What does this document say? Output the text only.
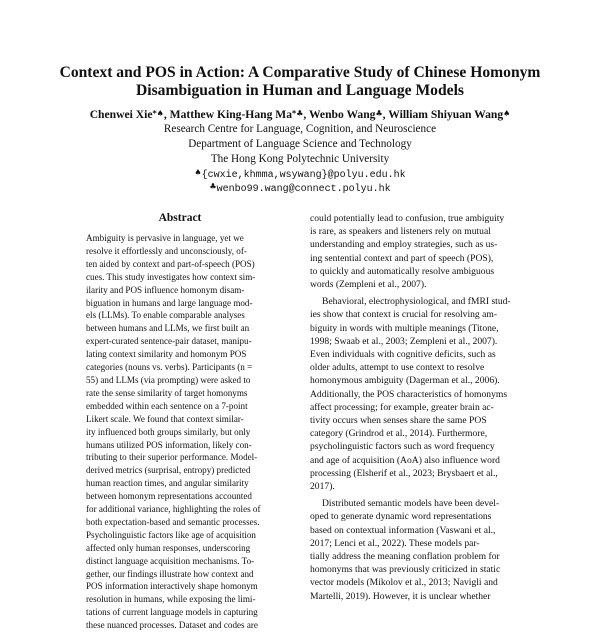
Context and POS in Action: A Comparative Study of Chinese Homonym
Disambiguation in Human and Language Models
Chenwei Xie*♠, Matthew King-Hang Ma*♣, Wenbo Wang♣, William Shiyuan Wang♠
Research Centre for Language, Cognition, and Neuroscience
Department of Language Science and Technology
The Hong Kong Polytechnic University
♠{cwxie,khmma,wsywang}@polyu.edu.hk
♣wenbo99.wang@connect.polyu.hk
Abstract
Ambiguity is pervasive in language, yet we
resolve it effortlessly and unconsciously, of-
ten aided by context and part-of-speech (POS)
cues. This study investigates how context sim-
ilarity and POS influence homonym disam-
biguation in humans and large language mod-
els (LLMs). To enable comparable analyses
between humans and LLMs, we first built an
expert-curated sentence-pair dataset, manipu-
lating context similarity and homonym POS
categories (nouns vs. verbs). Participants (n =
55) and LLMs (via prompting) were asked to
rate the sense similarity of target homonyms
embedded within each sentence on a 7-point
Likert scale. We found that context similar-
ity influenced both groups similarly, but only
humans utilized POS information, likely con-
tributing to their superior performance. Model-
derived metrics (surprisal, entropy) predicted
human reaction times, and angular similarity
between homonym representations accounted
for additional variance, highlighting the roles of
both expectation-based and semantic processes.
Psycholinguistic factors like age of acquisition
affected only human responses, underscoring
distinct language acquisition mechanisms. To-
gether, our findings illustrate how context and
POS information interactively shape homonym
resolution in humans, while exposing the limi-
tations of current language models in capturing
these nuanced processes. Dataset and codes are
could potentially lead to confusion, true ambiguity
is rare, as speakers and listeners rely on mutual
understanding and employ strategies, such as us-
ing sentential context and part of speech (POS),
to quickly and automatically resolve ambiguous
words (Zempleni et al., 2007).
Behavioral, electrophysiological, and fMRI stud-
ies show that context is crucial for resolving am-
biguity in words with multiple meanings (Titone,
1998; Swaab et al., 2003; Zempleni et al., 2007).
Even individuals with cognitive deficits, such as
older adults, attempt to use context to resolve
homonymous ambiguity (Dagerman et al., 2006).
Additionally, the POS characteristics of homonyms
affect processing; for example, greater brain ac-
tivity occurs when senses share the same POS
category (Grindrod et al., 2014). Furthermore,
psycholinguistic factors such as word frequency
and age of acquisition (AoA) also influence word
processing (Elsherif et al., 2023; Brysbaert et al.,
2017).
Distributed semantic models have been devel-
oped to generate dynamic word representations
based on contextual information (Vaswani et al.,
2017; Lenci et al., 2022). These models par-
tially address the meaning conflation problem for
homonyms that was previously criticized in static
vector models (Mikolov et al., 2013; Navigli and
Martelli, 2019). However, it is unclear whether
